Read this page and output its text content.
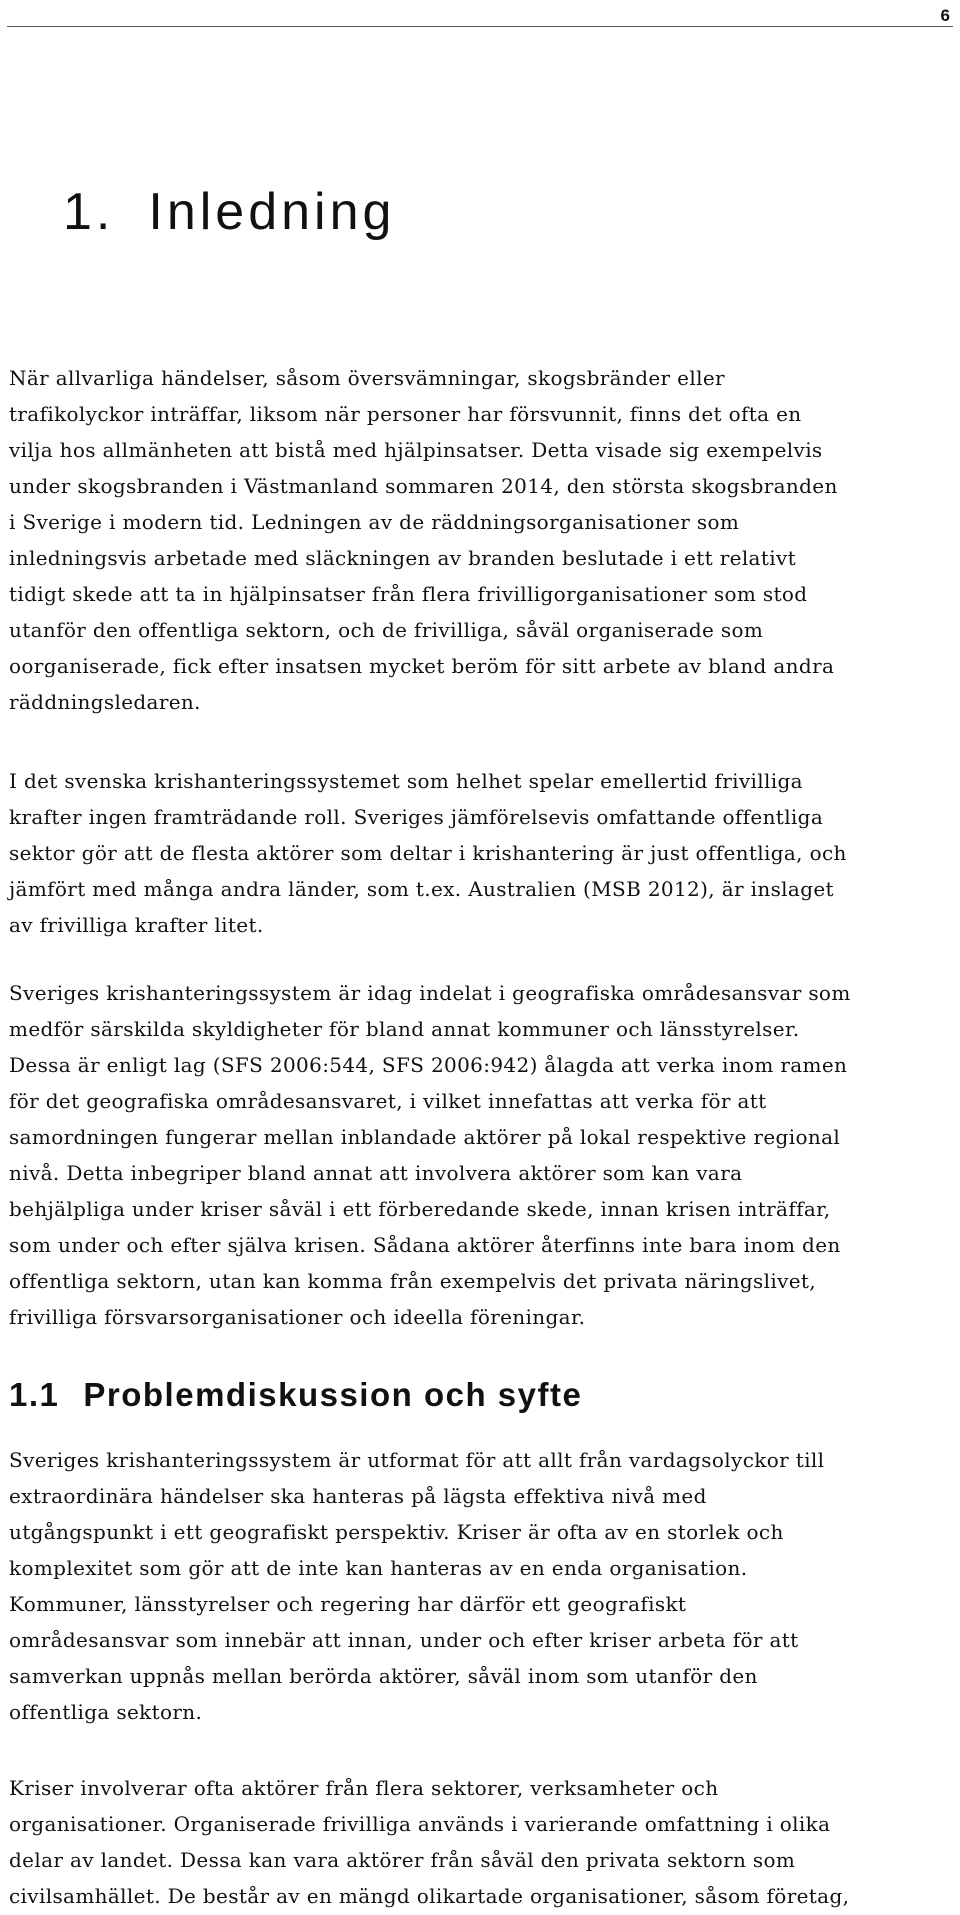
6
1. Inledning

När allvarliga händelser, såsom översvämningar, skogsbränder eller
trafikolyckor inträffar, liksom när personer har försvunnit, finns det ofta en
vilja hos allmänheten att bistå med hjälpinsatser. Detta visade sig exempelvis
under skogsbranden i Västmanland sommaren 2014, den största skogsbranden
i Sverige i modern tid. Ledningen av de räddningsorganisationer som
inledningsvis arbetade med släckningen av branden beslutade i ett relativt
tidigt skede att ta in hjälpinsatser från flera frivilligorganisationer som stod
utanför den offentliga sektorn, och de frivilliga, såväl organiserade som
oorganiserade, fick efter insatsen mycket beröm för sitt arbete av bland andra
räddningsledaren.

I det svenska krishanteringssystemet som helhet spelar emellertid frivilliga
krafter ingen framträdande roll. Sveriges jämförelsevis omfattande offentliga
sektor gör att de flesta aktörer som deltar i krishantering är just offentliga, och
jämfört med många andra länder, som t.ex. Australien (MSB 2012), är inslaget
av frivilliga krafter litet.

Sveriges krishanteringssystem är idag indelat i geografiska områdesansvar som
medför särskilda skyldigheter för bland annat kommuner och länsstyrelser.
Dessa är enligt lag (SFS 2006:544, SFS 2006:942) ålagda att verka inom ramen
för det geografiska områdesansvaret, i vilket innefattas att verka för att
samordningen fungerar mellan inblandade aktörer på lokal respektive regional
nivå. Detta inbegriper bland annat att involvera aktörer som kan vara
behjälpliga under kriser såväl i ett förberedande skede, innan krisen inträffar,
som under och efter själva krisen. Sådana aktörer återfinns inte bara inom den
offentliga sektorn, utan kan komma från exempelvis det privata näringslivet,
frivilliga försvarsorganisationer och ideella föreningar.

1.1 Problemdiskussion och syfte

Sveriges krishanteringssystem är utformat för att allt från vardagsolyckor till
extraordinära händelser ska hanteras på lägsta effektiva nivå med
utgångspunkt i ett geografiskt perspektiv. Kriser är ofta av en storlek och
komplexitet som gör att de inte kan hanteras av en enda organisation.
Kommuner, länsstyrelser och regering har därför ett geografiskt
områdesansvar som innebär att innan, under och efter kriser arbeta för att
samverkan uppnås mellan berörda aktörer, såväl inom som utanför den
offentliga sektorn.

Kriser involverar ofta aktörer från flera sektorer, verksamheter och
organisationer. Organiserade frivilliga används i varierande omfattning i olika
delar av landet. Dessa kan vara aktörer från såväl den privata sektorn som
civilsamhället. De består av en mängd olikartade organisationer, såsom företag,
